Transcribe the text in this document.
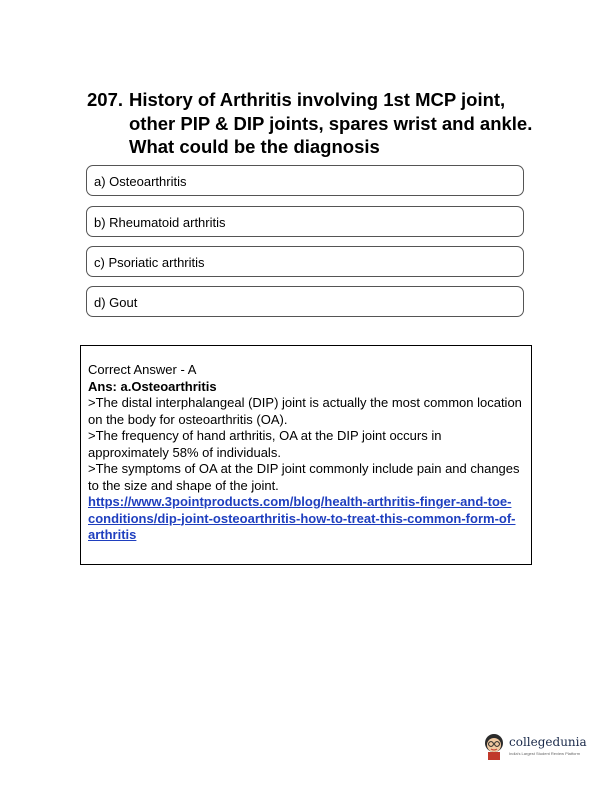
207. History of Arthritis involving 1st MCP joint, other PIP & DIP joints, spares wrist and ankle. What could be the diagnosis
a) Osteoarthritis
b) Rheumatoid arthritis
c) Psoriatic arthritis
d) Gout
Correct Answer - A
Ans: a.Osteoarthritis
>The distal interphalangeal (DIP) joint is actually the most common location on the body for osteoarthritis (OA).
>The frequency of hand arthritis, OA at the DIP joint occurs in approximately 58% of individuals.
>The symptoms of OA at the DIP joint commonly include pain and changes to the size and shape of the joint.
https://www.3pointproducts.com/blog/health-arthritis-finger-and-toe-conditions/dip-joint-osteoarthritis-how-to-treat-this-common-form-of-arthritis
collegedunia
India's Largest Student Review Platform
